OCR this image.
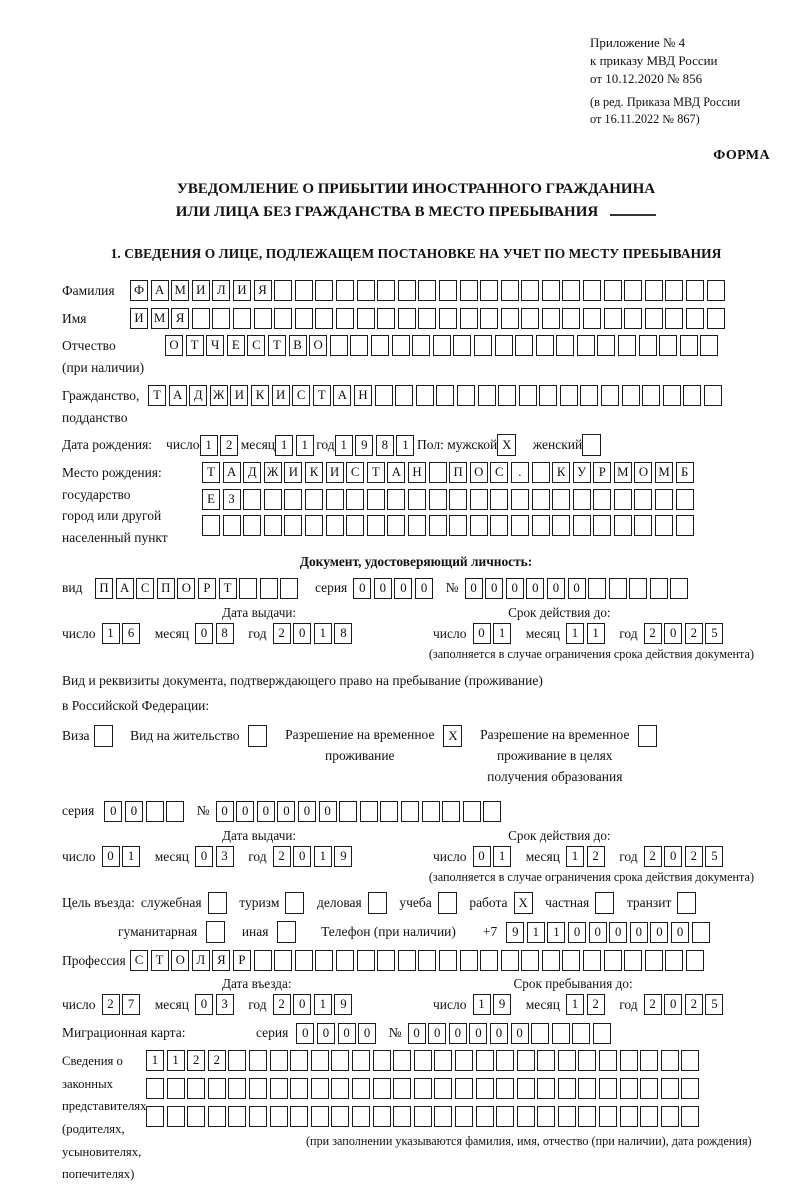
Приложение № 4
к приказу МВД России
от 10.12.2020 № 856
(в ред. Приказа МВД России
от 16.11.2022 № 867)
ФОРМА
УВЕДОМЛЕНИЕ О ПРИБЫТИИ ИНОСТРАННОГО ГРАЖДАНИНА
ИЛИ ЛИЦА БЕЗ ГРАЖДАНСТВА В МЕСТО ПРЕБЫВАНИЯ
1. СВЕДЕНИЯ О ЛИЦЕ, ПОДЛЕЖАЩЕМ ПОСТАНОВКЕ НА УЧЕТ ПО МЕСТУ ПРЕБЫВАНИЯ
Фамилия	Ф А М И Л И Я
Имя	И М Я
Отчество
(при наличии)
О Т Ч Е С Т В О
Гражданство,
подданство
Т А Д Ж И К И С Т А Н
Дата рождения: число 1	2 месяц 1	1 год 1	9	8	1 Пол: мужской X	женский
Место рождения:
государство
город или другой
населенный пункт
Т А Д Ж И К И С Т А Н	П О С	.	К У Р М О М Б
Е	З
Документ, удостоверяющий личность:
вид	П А С П О Р	Т	серия 0	0	0	0	№ 0	0	0	0	0	0
Дата выдачи:	Срок действия до:
число 1	6	месяц 0	8	год 2	0	1	8	число 0	1	месяц 1	1	год 2	0	2	5
(заполняется в случае ограничения срока действия документа)
Вид и реквизиты документа, подтверждающего право на пребывание (проживание)
в Российской Федерации:
Виза	Вид на жительство	Разрешение на временное
проживание
X	Разрешение на временное
проживание в целях
получения образования
серия	0	0	№ 0	0	0	0	0	0
Дата выдачи:	Срок действия до:
число 0	1	месяц 0	3	год 2	0	1	9	число 0	1	месяц 1	2	год 2	0	2	5
(заполняется в случае ограничения срока действия документа)
Цель въезда: служебная	туризм	деловая	учеба	работа X	частная	транзит
гуманитарная	иная	Телефон (при наличии) +7	9	1	1	0	0	0	0	0	0
Профессия С Т О Л Я Р
Дата въезда:	Срок пребывания до:
число 2	7	месяц 0	3	год 2	0	1	9	число 1	9	месяц 1	2	год 2	0	2	5
Миграционная карта:	серия	0	0	0	0	№ 0	0	0	0	0	0
Сведения о
законных
представителях
(родителях,
усыновителях,
попечителях)
1	1	2	2
(при заполнении указываются фамилия, имя, отчество (при наличии), дата рождения)
